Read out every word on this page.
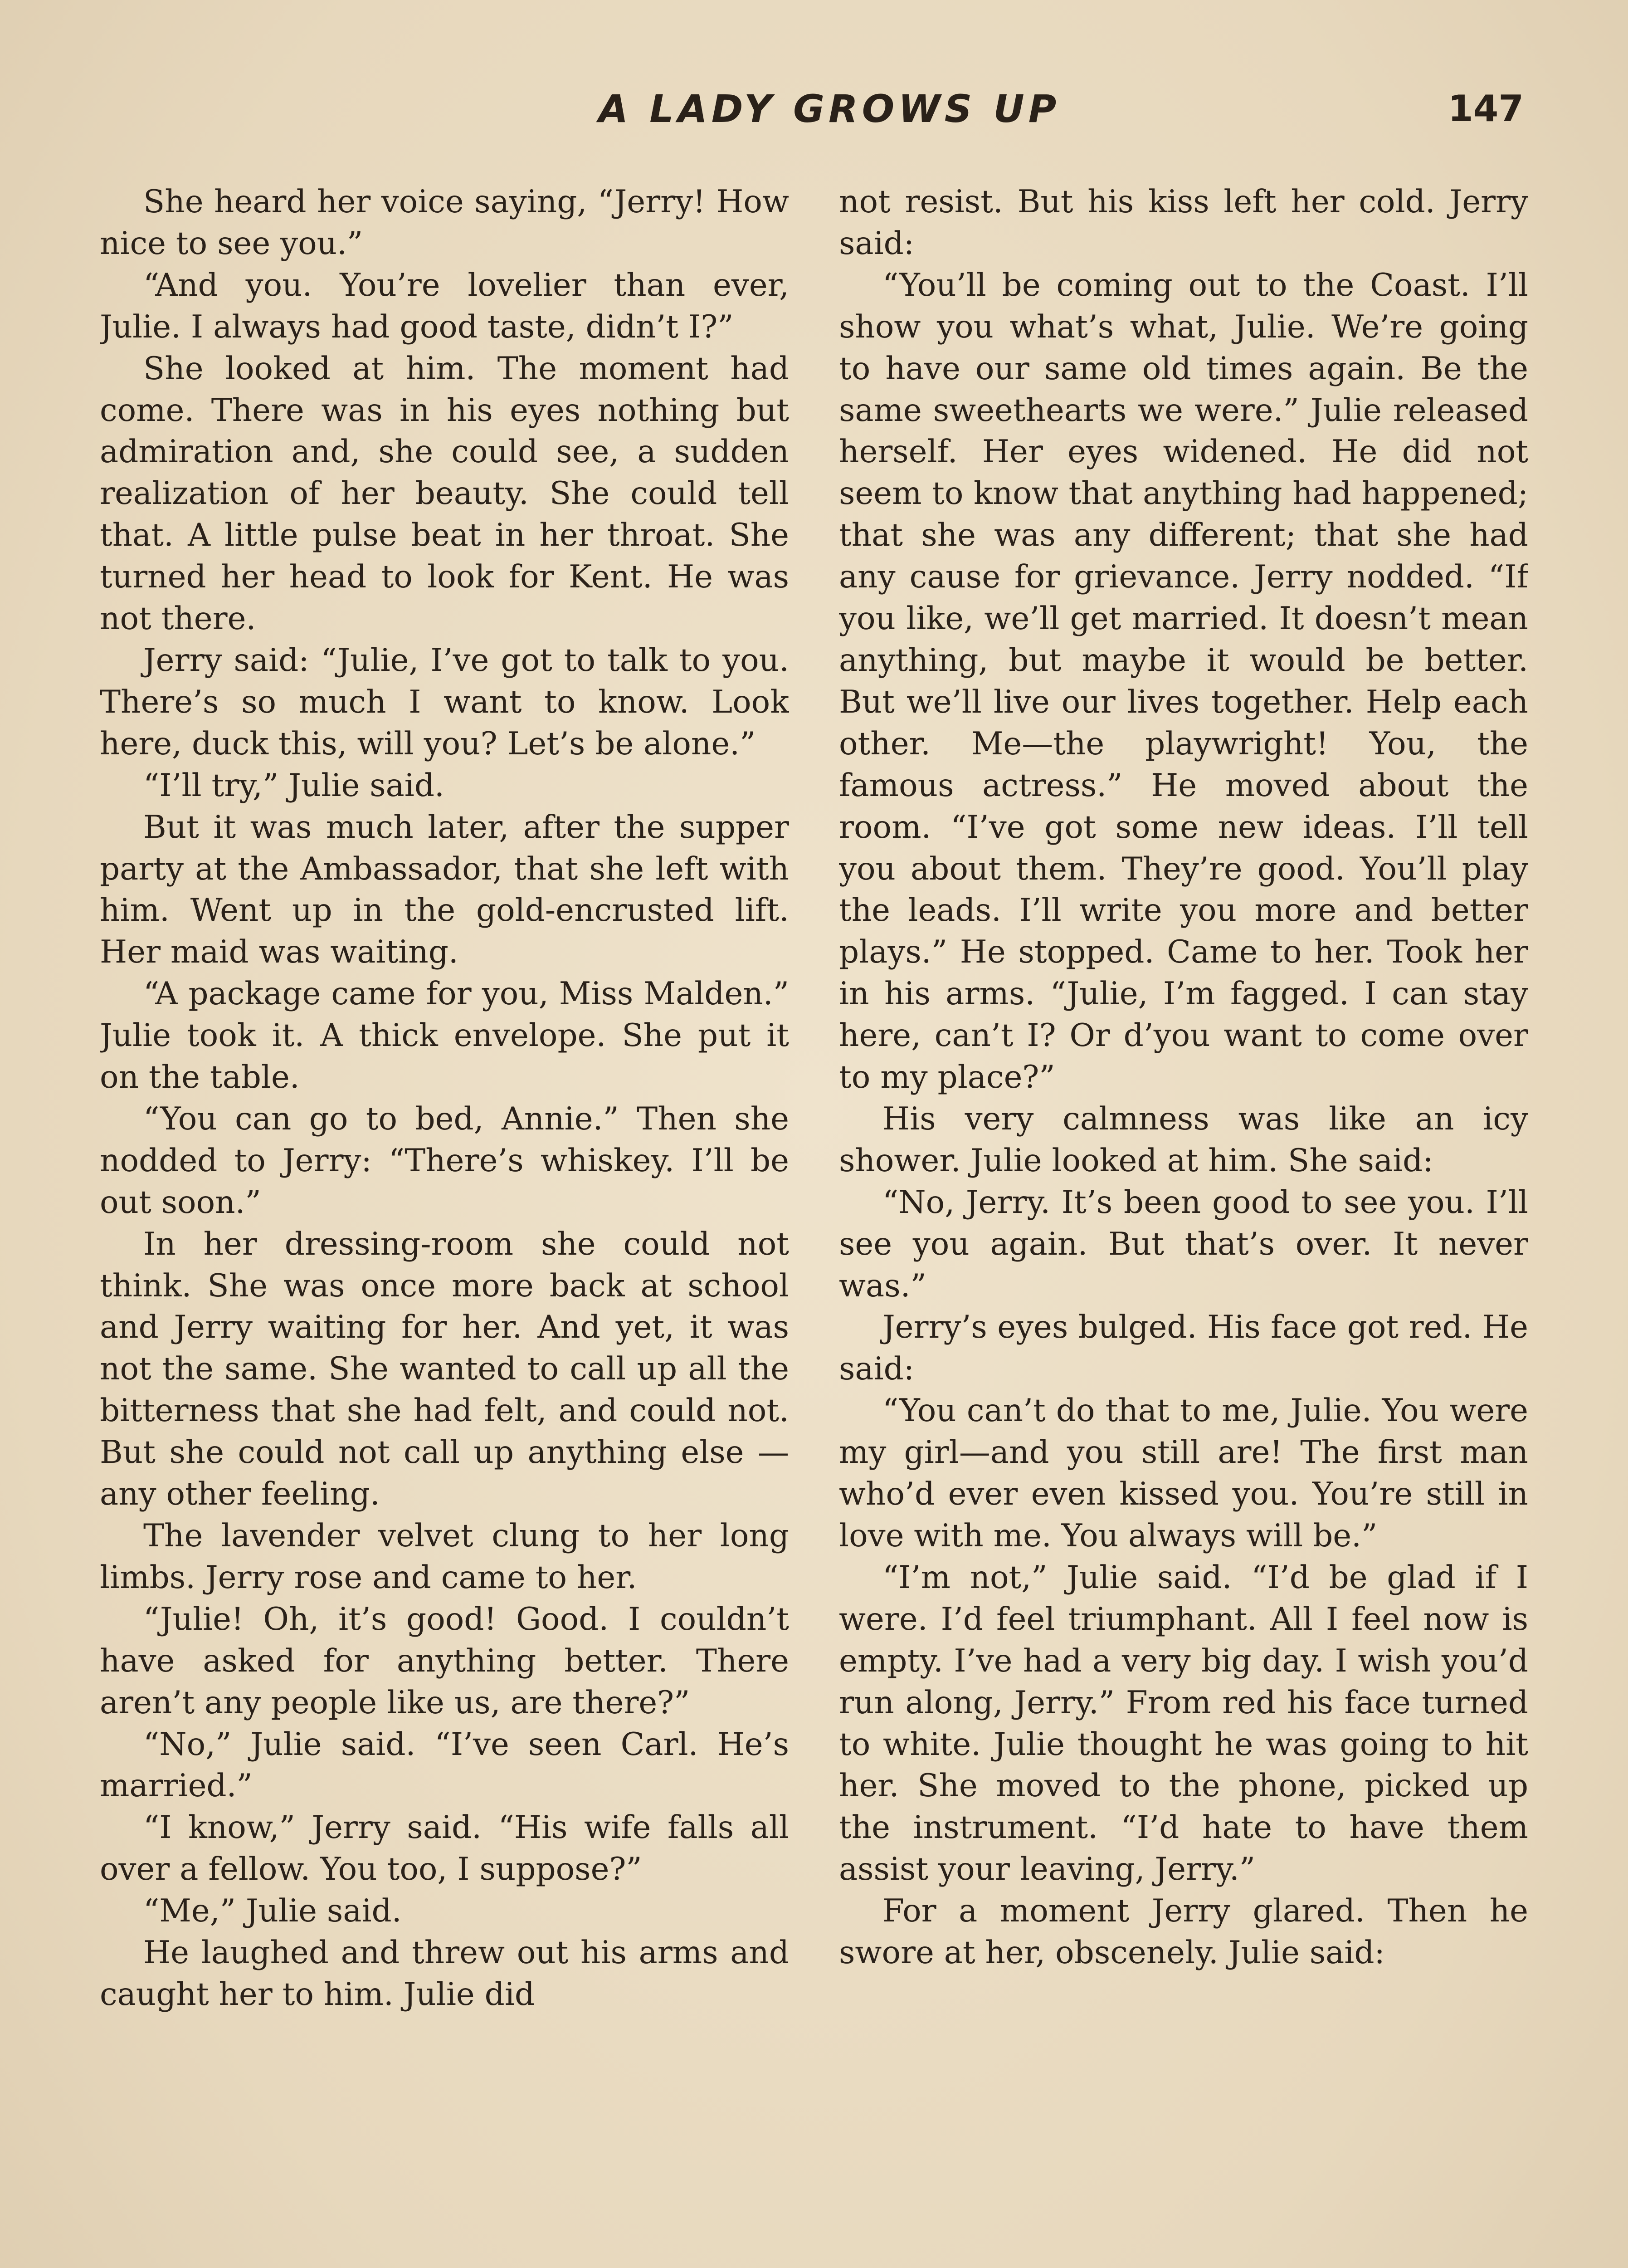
A LADY GROWS UP	147

She heard her voice saying, “Jerry! How nice to see you.”

“And you. You’re lovelier than ever, Julie. I always had good taste, didn’t I?”

She looked at him. The moment had come. There was in his eyes nothing but admiration and, she could see, a sudden realization of her beauty. She could tell that. A little pulse beat in her throat. She turned her head to look for Kent. He was not there.

Jerry said: “Julie, I’ve got to talk to you. There’s so much I want to know. Look here, duck this, will you? Let’s be alone.”

“I’ll try,” Julie said.

But it was much later, after the supper party at the Ambassador, that she left with him. Went up in the gold-encrusted lift. Her maid was waiting.

“A package came for you, Miss Malden.” Julie took it. A thick envelope. She put it on the table.

“You can go to bed, Annie.” Then she nodded to Jerry: “There’s whiskey. I’ll be out soon.”

In her dressing-room she could not think. She was once more back at school and Jerry waiting for her. And yet, it was not the same. She wanted to call up all the bitterness that she had felt, and could not. But she could not call up anything else —any other feeling.

The lavender velvet clung to her long limbs. Jerry rose and came to her.

“Julie! Oh, it’s good! Good. I couldn’t have asked for anything better. There aren’t any people like us, are there?”

“No,” Julie said. “I’ve seen Carl. He’s married.”

“I know,” Jerry said. “His wife falls all over a fellow. You too, I suppose?”

“Me,” Julie said.

He laughed and threw out his arms and caught her to him. Julie did

not resist. But his kiss left her cold. Jerry said:

“You’ll be coming out to the Coast. I’ll show you what’s what, Julie. We’re going to have our same old times again. Be the same sweethearts we were.” Julie released herself. Her eyes widened. He did not seem to know that anything had happened; that she was any different; that she had any cause for grievance. Jerry nodded. “If you like, we’ll get married. It doesn’t mean anything, but maybe it would be better. But we’ll live our lives together. Help each other. Me—the playwright! You, the famous actress.” He moved about the room. “I’ve got some new ideas. I’ll tell you about them. They’re good. You’ll play the leads. I’ll write you more and better plays.” He stopped. Came to her. Took her in his arms. “Julie, I’m fagged. I can stay here, can’t I? Or d’you want to come over to my place?”

His very calmness was like an icy shower. Julie looked at him. She said:

“No, Jerry. It’s been good to see you. I’ll see you again. But that’s over. It never was.”

Jerry’s eyes bulged. His face got red. He said:

“You can’t do that to me, Julie. You were my girl—and you still are! The first man who’d ever even kissed you. You’re still in love with me. You always will be.”

“I’m not,” Julie said. “I’d be glad if I were. I’d feel triumphant. All I feel now is empty. I’ve had a very big day. I wish you’d run along, Jerry.” From red his face turned to white. Julie thought he was going to hit her. She moved to the phone, picked up the instrument. “I’d hate to have them assist your leaving, Jerry.”

For a moment Jerry glared. Then he swore at her, obscenely. Julie said:
